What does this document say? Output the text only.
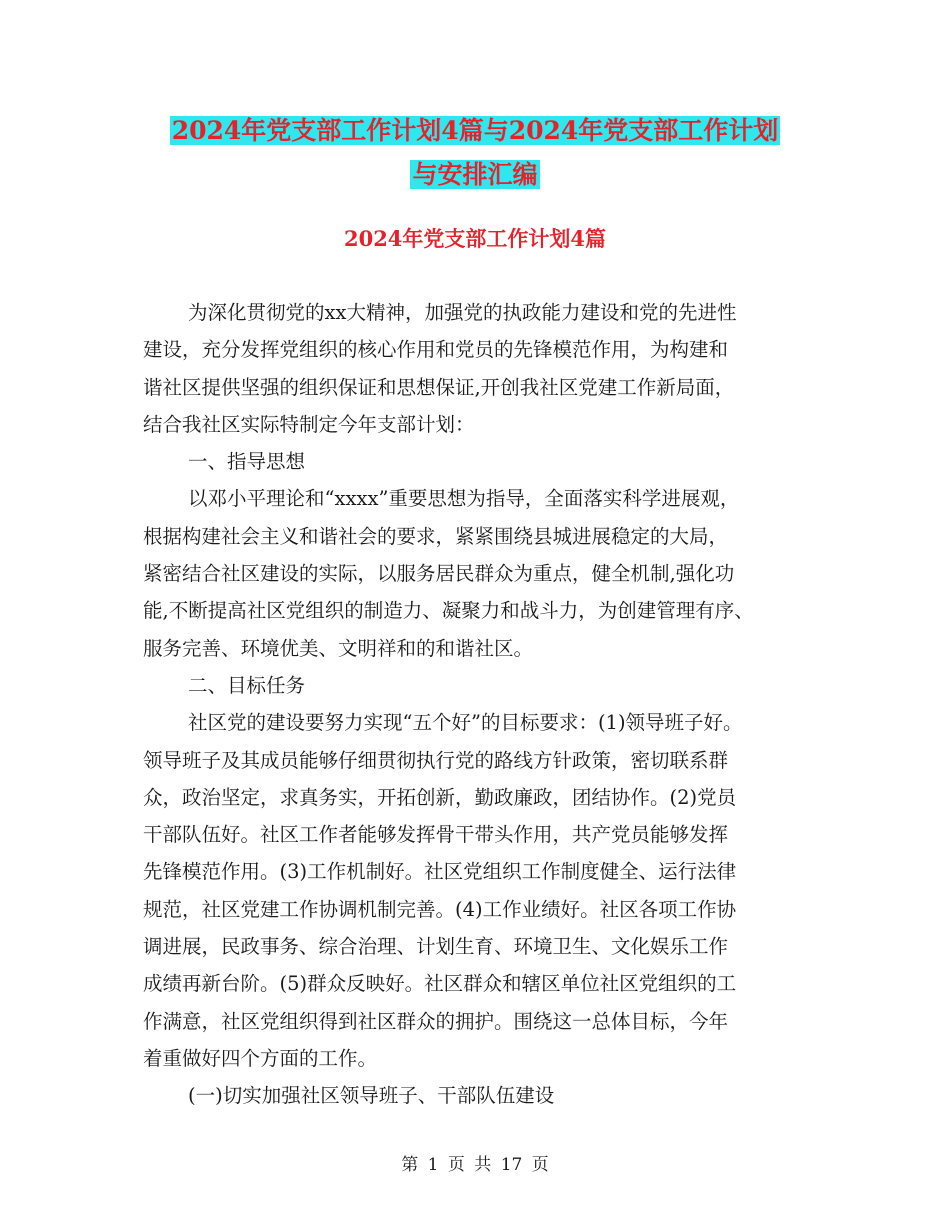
2024年党支部工作计划4篇与2024年党支部工作计划
与安排汇编
2024年党支部工作计划4篇
为深化贯彻党的xx大精神，加强党的执政能力建设和党的先进性
建设，充分发挥党组织的核心作用和党员的先锋模范作用，为构建和
谐社区提供坚强的组织保证和思想保证,开创我社区党建工作新局面，
结合我社区实际特制定今年支部计划：
一、指导思想
以邓小平理论和“xxxx”重要思想为指导，全面落实科学进展观，
根据构建社会主义和谐社会的要求，紧紧围绕县城进展稳定的大局，
紧密结合社区建设的实际，以服务居民群众为重点，健全机制,强化功
能,不断提高社区党组织的制造力、凝聚力和战斗力，为创建管理有序、
服务完善、环境优美、文明祥和的和谐社区。
二、目标任务
社区党的建设要努力实现“五个好”的目标要求：(1)领导班子好。
领导班子及其成员能够仔细贯彻执行党的路线方针政策，密切联系群
众，政治坚定，求真务实，开拓创新，勤政廉政，团结协作。(2)党员
干部队伍好。社区工作者能够发挥骨干带头作用，共产党员能够发挥
先锋模范作用。(3)工作机制好。社区党组织工作制度健全、运行法律
规范，社区党建工作协调机制完善。(4)工作业绩好。社区各项工作协
调进展，民政事务、综合治理、计划生育、环境卫生、文化娱乐工作
成绩再新台阶。(5)群众反映好。社区群众和辖区单位社区党组织的工
作满意，社区党组织得到社区群众的拥护。围绕这一总体目标，今年
着重做好四个方面的工作。
(一)切实加强社区领导班子、干部队伍建设
第 1 页 共 17 页
